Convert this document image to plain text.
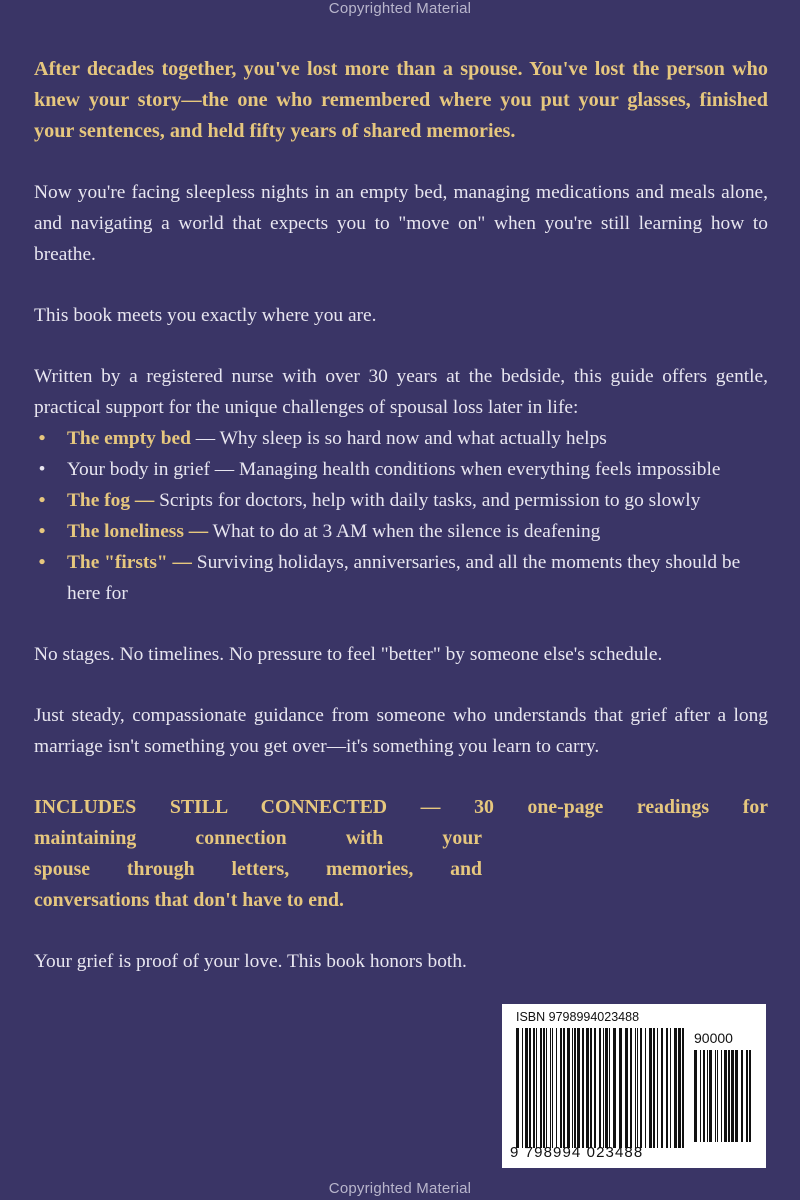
Copyrighted Material

After decades together, you've lost more than a spouse. You've lost the person who knew your story—the one who remembered where you put your glasses, finished your sentences, and held fifty years of shared memories.

Now you're facing sleepless nights in an empty bed, managing medications and meals alone, and navigating a world that expects you to "move on" when you're still learning how to breathe.

This book meets you exactly where you are.

Written by a registered nurse with over 30 years at the bedside, this guide offers gentle, practical support for the unique challenges of spousal loss later in life:

• The empty bed — Why sleep is so hard now and what actually helps
• Your body in grief — Managing health conditions when everything feels impossible
• The fog — Scripts for doctors, help with daily tasks, and permission to go slowly
• The loneliness — What to do at 3 AM when the silence is deafening
• The "firsts" — Surviving holidays, anniversaries, and all the moments they should be here for

No stages. No timelines. No pressure to feel "better" by someone else's schedule.

Just steady, compassionate guidance from someone who understands that grief after a long marriage isn't something you get over—it's something you learn to carry.

INCLUDES STILL CONNECTED — 30 one-page readings for
maintaining connection with your
spouse through letters, memories, and
conversations that don't have to end.

Your grief is proof of your love. This book honors both.

ISBN 9798994023488
90000
9 798994 023488
Copyrighted Material
